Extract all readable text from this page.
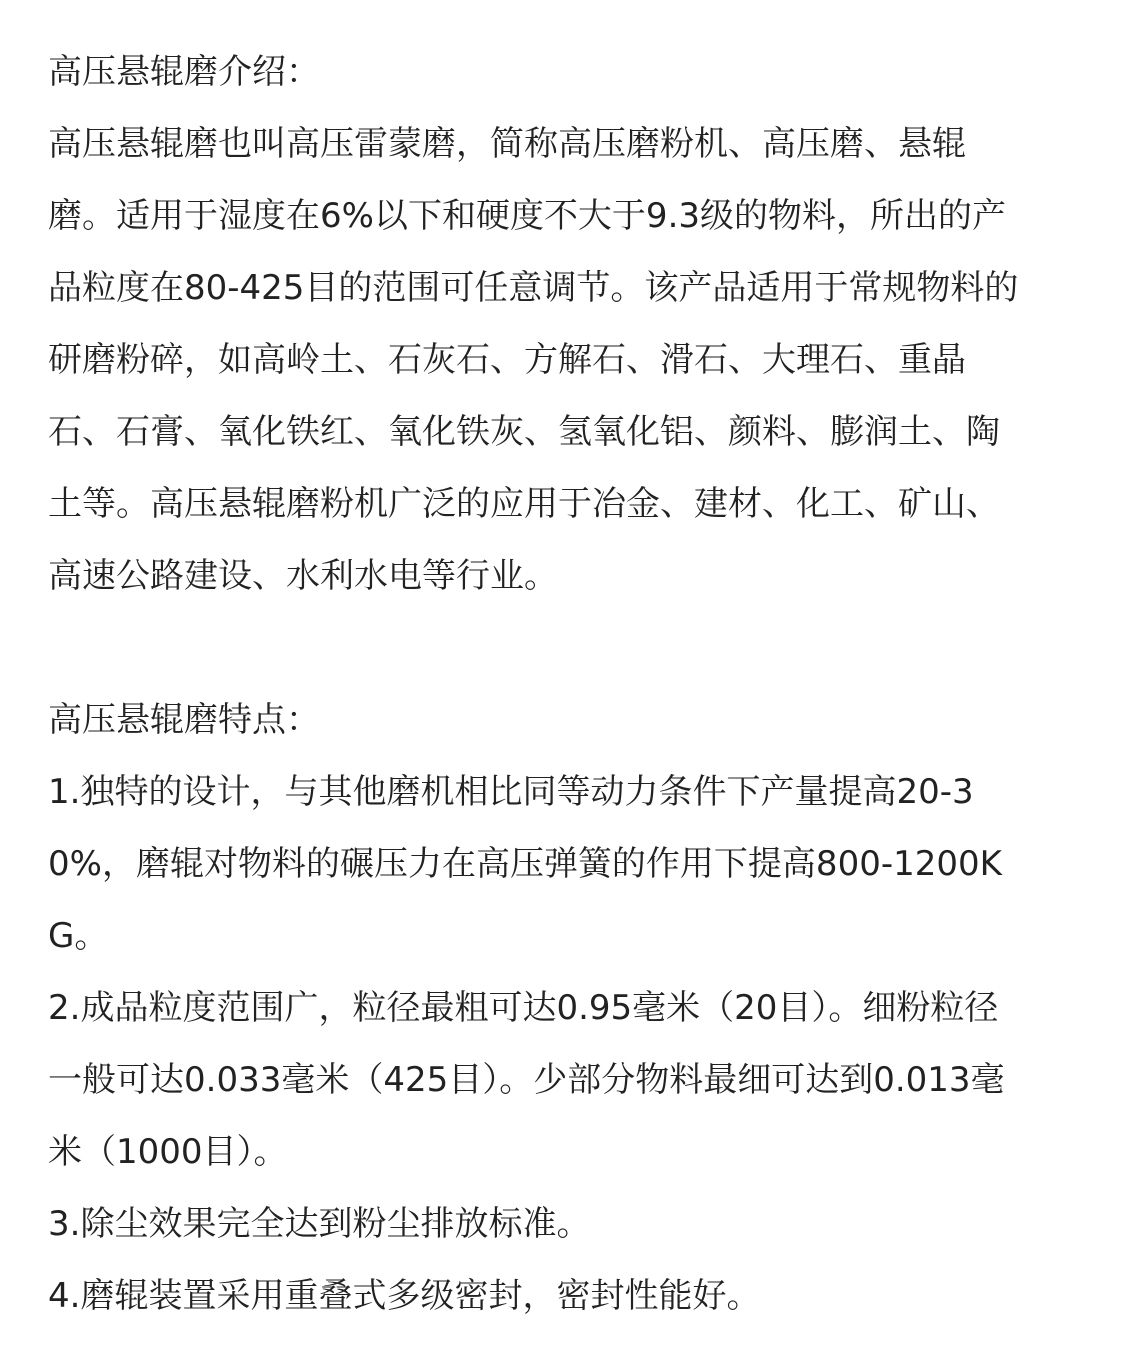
高压悬辊磨介绍：
高压悬辊磨也叫高压雷蒙磨，简称高压磨粉机、高压磨、悬辊
磨。适用于湿度在6%以下和硬度不大于9.3级的物料，所出的产
品粒度在80-425目的范围可任意调节。该产品适用于常规物料的
研磨粉碎，如高岭土、石灰石、方解石、滑石、大理石、重晶
石、石膏、氧化铁红、氧化铁灰、氢氧化铝、颜料、膨润土、陶
土等。高压悬辊磨粉机广泛的应用于冶金、建材、化工、矿山、
高速公路建设、水利水电等行业。
高压悬辊磨特点：
1.独特的设计，与其他磨机相比同等动力条件下产量提高20-3
0%，磨辊对物料的碾压力在高压弹簧的作用下提高800-1200K
G。
2.成品粒度范围广，粒径最粗可达0.95毫米（20目）。细粉粒径
一般可达0.033毫米（425目）。少部分物料最细可达到0.013毫
米（1000目）。
3.除尘效果完全达到粉尘排放标准。
4.磨辊装置采用重叠式多级密封，密封性能好。
